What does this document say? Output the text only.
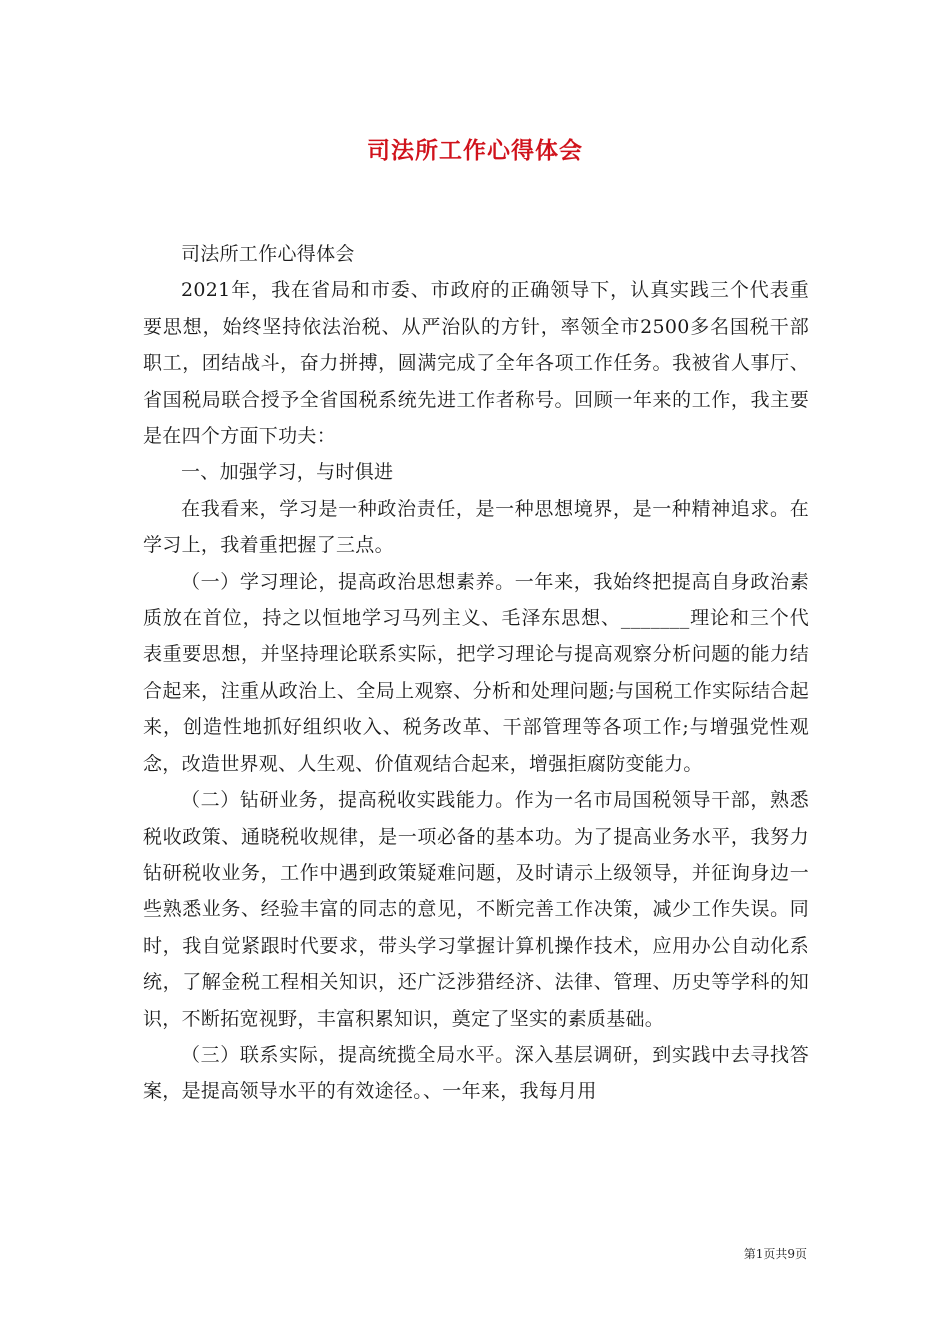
司法所工作心得体会

司法所工作心得体会

2021年，我在省局和市委、市政府的正确领导下，认真实践三个代表重要思想，始终坚持依法治税、从严治队的方针，率领全市2500多名国税干部职工，团结战斗，奋力拼搏，圆满完成了全年各项工作任务。我被省人事厅、省国税局联合授予全省国税系统先进工作者称号。回顾一年来的工作，我主要是在四个方面下功夫：

一、加强学习，与时俱进

在我看来，学习是一种政治责任，是一种思想境界，是一种精神追求。在学习上，我着重把握了三点。

（一）学习理论，提高政治思想素养。一年来，我始终把提高自身政治素质放在首位，持之以恒地学习马列主义、毛泽东思想、_______理论和三个代表重要思想，并坚持理论联系实际，把学习理论与提高观察分析问题的能力结合起来，注重从政治上、全局上观察、分析和处理问题;与国税工作实际结合起来，创造性地抓好组织收入、税务改革、干部管理等各项工作;与增强党性观念，改造世界观、人生观、价值观结合起来，增强拒腐防变能力。

（二）钻研业务，提高税收实践能力。作为一名市局国税领导干部，熟悉税收政策、通晓税收规律，是一项必备的基本功。为了提高业务水平，我努力钻研税收业务，工作中遇到政策疑难问题，及时请示上级领导，并征询身边一些熟悉业务、经验丰富的同志的意见，不断完善工作决策，减少工作失误。同时，我自觉紧跟时代要求，带头学习掌握计算机操作技术，应用办公自动化系统，了解金税工程相关知识，还广泛涉猎经济、法律、管理、历史等学科的知识，不断拓宽视野，丰富积累知识，奠定了坚实的素质基础。

（三）联系实际，提高统揽全局水平。深入基层调研，到实践中去寻找答案，是提高领导水平的有效途径。、一年来，我每月用

第1页共9页
